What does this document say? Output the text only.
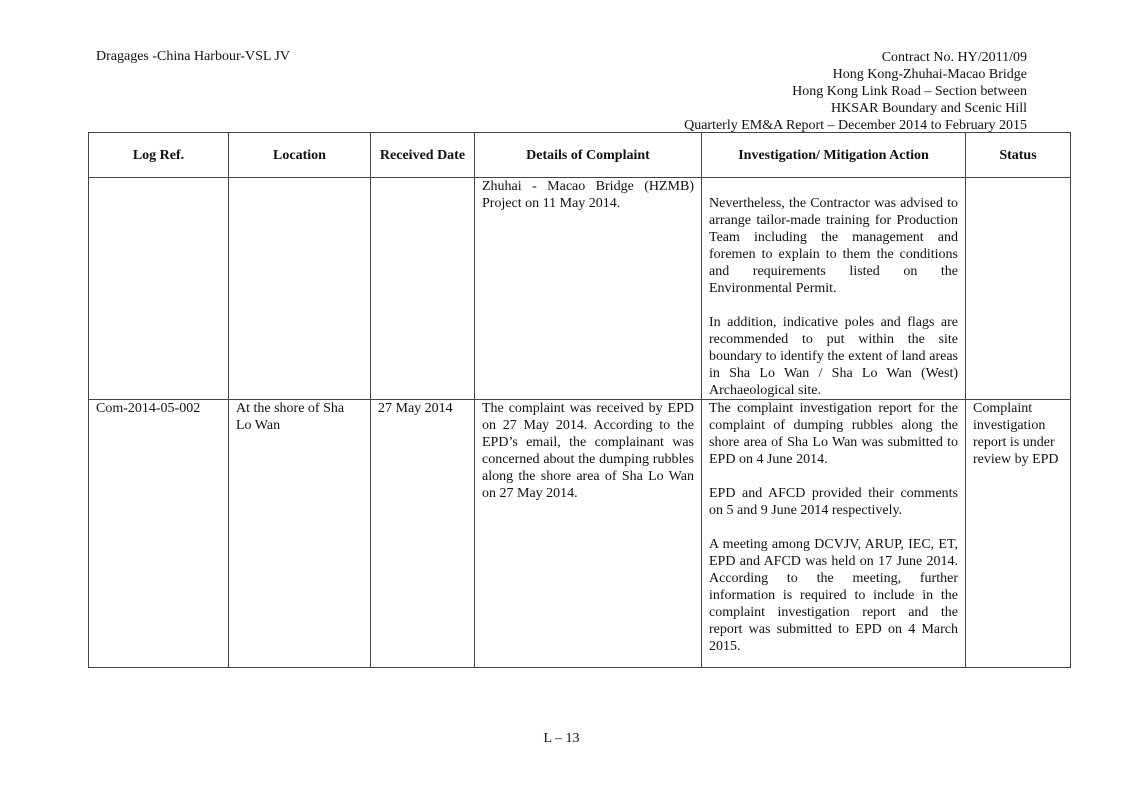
Dragages -China Harbour-VSL JV	Contract No. HY/2011/09
Hong Kong-Zhuhai-Macao Bridge
Hong Kong Link Road – Section between
HKSAR Boundary and Scenic Hill
Quarterly EM&A Report – December 2014 to February 2015
Log Ref.	Location	Received Date	Details of Complaint	Investigation/ Mitigation Action	Status

			Zhuhai - Macao Bridge (HZMB) Project on 11 May 2014.	Nevertheless, the Contractor was advised to arrange tailor-made training for Production Team including the management and foremen to explain to them the conditions and requirements listed on the Environmental Permit.

In addition, indicative poles and flags are recommended to put within the site boundary to identify the extent of land areas in Sha Lo Wan / Sha Lo Wan (West) Archaeological site.	

Com-2014-05-002	At the shore of Sha Lo Wan	27 May 2014	The complaint was received by EPD on 27 May 2014. According to the EPD’s email, the complainant was concerned about the dumping rubbles along the shore area of Sha Lo Wan on 27 May 2014.	The complaint investigation report for the complaint of dumping rubbles along the shore area of Sha Lo Wan was submitted to EPD on 4 June 2014.

EPD and AFCD provided their comments on 5 and 9 June 2014 respectively.

A meeting among DCVJV, ARUP, IEC, ET, EPD and AFCD was held on 17 June 2014. According to the meeting, further information is required to include in the complaint investigation report and the report was submitted to EPD on 4 March 2015.	Complaint investigation report is under review by EPD
L – 13
